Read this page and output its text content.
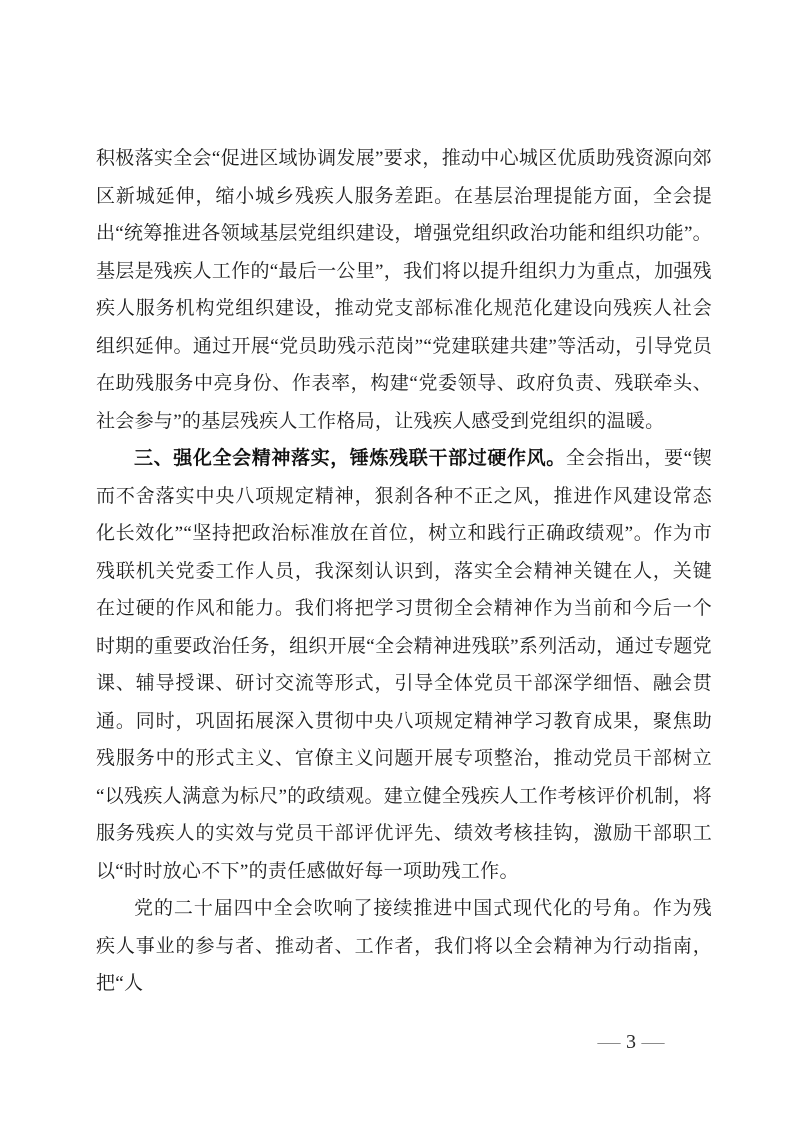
积极落实全会“促进区域协调发展”要求，推动中心城区优质助残资源向郊区新城延伸，缩小城乡残疾人服务差距。在基层治理提能方面，全会提出“统筹推进各领域基层党组织建设，增强党组织政治功能和组织功能”。基层是残疾人工作的“最后一公里”，我们将以提升组织力为重点，加强残疾人服务机构党组织建设，推动党支部标准化规范化建设向残疾人社会组织延伸。通过开展“党员助残示范岗”“党建联建共建”等活动，引导党员在助残服务中亮身份、作表率，构建“党委领导、政府负责、残联牵头、社会参与”的基层残疾人工作格局，让残疾人感受到党组织的温暖。

三、强化全会精神落实，锤炼残联干部过硬作风。全会指出，要“锲而不舍落实中央八项规定精神，狠刹各种不正之风，推进作风建设常态化长效化”“坚持把政治标准放在首位，树立和践行正确政绩观”。作为市残联机关党委工作人员，我深刻认识到，落实全会精神关键在人，关键在过硬的作风和能力。我们将把学习贯彻全会精神作为当前和今后一个时期的重要政治任务，组织开展“全会精神进残联”系列活动，通过专题党课、辅导授课、研讨交流等形式，引导全体党员干部深学细悟、融会贯通。同时，巩固拓展深入贯彻中央八项规定精神学习教育成果，聚焦助残服务中的形式主义、官僚主义问题开展专项整治，推动党员干部树立“以残疾人满意为标尺”的政绩观。建立健全残疾人工作考核评价机制，将服务残疾人的实效与党员干部评优评先、绩效考核挂钩，激励干部职工以“时时放心不下”的责任感做好每一项助残工作。

党的二十届四中全会吹响了接续推进中国式现代化的号角。作为残疾人事业的参与者、推动者、工作者，我们将以全会精神为行动指南，把“人

— 3 —
